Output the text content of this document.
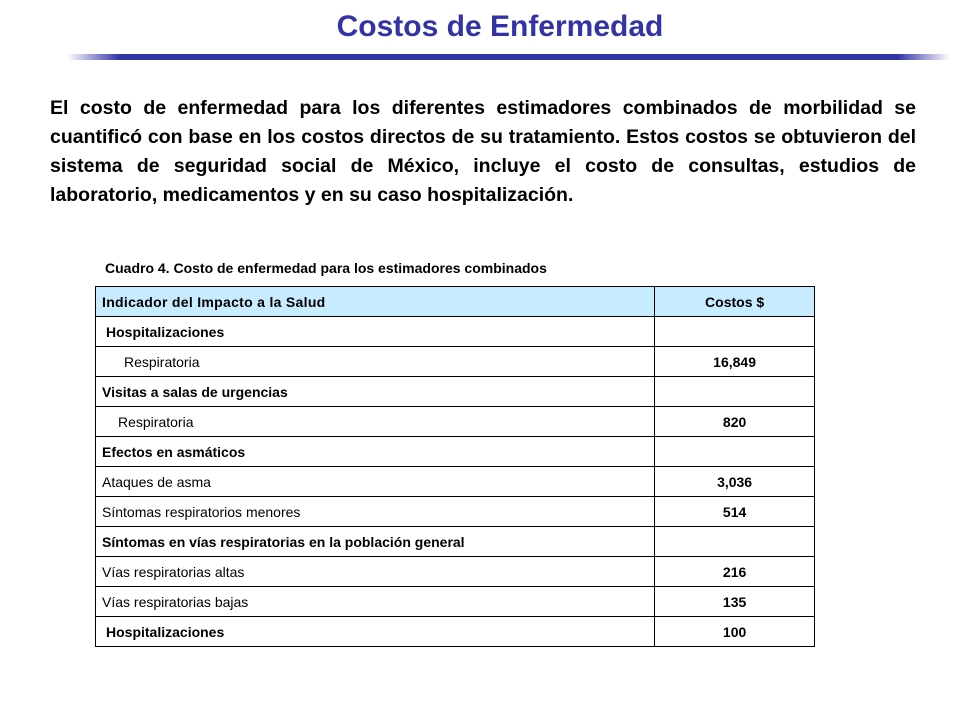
Costos de Enfermedad

El costo de enfermedad para los diferentes estimadores combinados de morbilidad se cuantificó con base en los costos directos de su tratamiento. Estos costos se obtuvieron del sistema de seguridad social de México, incluye el costo de consultas, estudios de laboratorio, medicamentos y en su caso hospitalización.

Cuadro 4. Costo de enfermedad para los estimadores combinados

Indicador del Impacto a la Salud	Costos $
Hospitalizaciones	
Respiratoria	16,849
Visitas a salas de urgencias	
Respiratoria	820
Efectos en asmáticos	
Ataques de asma	3,036
Síntomas respiratorios menores	514
Síntomas en vías respiratorias en la población general	
Vías respiratorias altas	216
Vías respiratorias bajas	135
Hospitalizaciones	100
